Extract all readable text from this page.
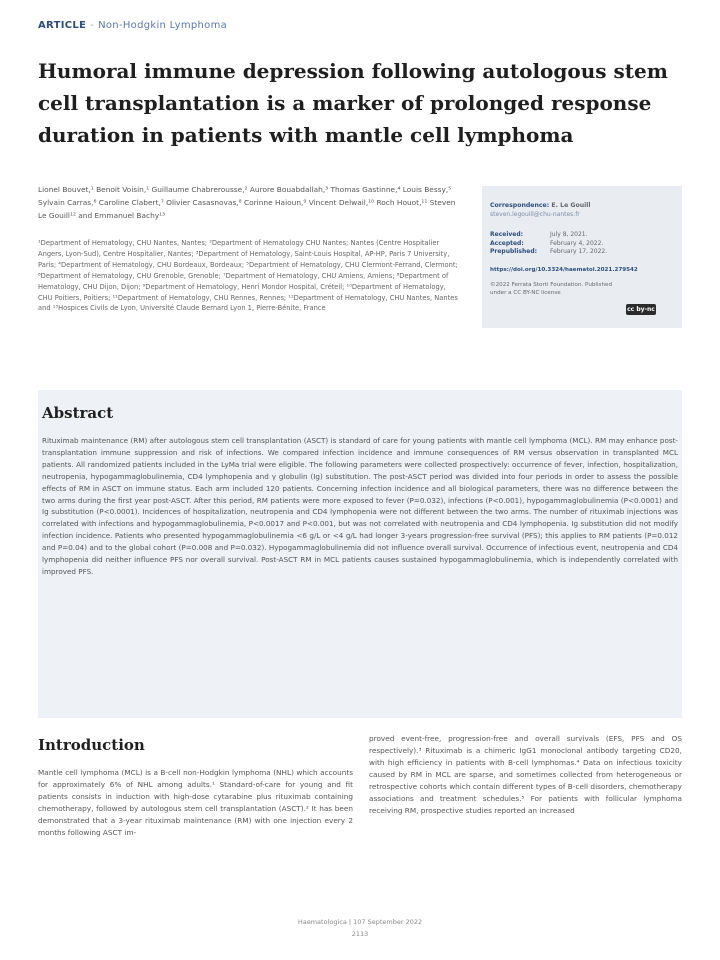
ARTICLE - Non-Hodgkin Lymphoma
Humoral immune depression following autologous stem cell transplantation is a marker of prolonged response duration in patients with mantle cell lymphoma
Lionel Bouvet,¹ Benoit Voisin,¹ Guillaume Chabrerousse,² Aurore Bouabdallah,³ Thomas Gastinne,⁴ Louis Bessy,⁵ Sylvain Carras,⁶ Caroline Clabert,⁷ Olivier Casasnovas,⁸ Corinne Haioun,⁹ Vincent Delwail,¹⁰ Roch Houot,¹¹ Steven Le Gouill¹² and Emmanuel Bachy¹³
¹Department of Hematology, CHU Nantes, Nantes; ²Department of Hematology CHU Nantes; Nantes (Centre Hospitalier Angers, Lyon-Sud), Centre Hospitalier, Nantes; ³Department of Hematology, Saint-Louis Hospital, AP-HP, Paris 7 University, Paris; ⁴Department of Hematology, CHU Bordeaux, Bordeaux; ⁵Department of Hematology, CHU Clermont-Ferrand, Clermont; ⁶Department of Hematology, CHU Grenoble, Grenoble; ⁷Department of Hematology, CHU Amiens, Amiens; ⁸Department of Hematology, CHU Dijon, Dijon; ⁹Department of Hematology, Henri Mondor Hospital, Créteil; ¹⁰Department of Hematology, CHU Poitiers, Poitiers; ¹¹Department of Hematology, CHU Rennes, Rennes; ¹²Department of Hematology, CHU Nantes, Nantes and ¹³Hospices Civils de Lyon, Université Claude Bernard Lyon 1, Pierre-Bénite, France
Correspondence: E. Le Gouill
steven.legouill@chu-nantes.fr
Received:	July 8, 2021.
Accepted:	February 4, 2022.
Prepublished:	February 17, 2022.
https://doi.org/10.3324/haematol.2021.279542
©2022 Ferrata Storti Foundation. Published under a CC BY-NC license
cc by-nc
Abstract

Rituximab maintenance (RM) after autologous stem cell transplantation (ASCT) is standard of care for young patients with mantle cell lymphoma (MCL). RM may enhance post-transplantation immune suppression and risk of infections. We compared infection incidence and immune consequences of RM versus observation in transplanted MCL patients. All randomized patients included in the LyMa trial were eligible. The following parameters were collected prospectively: occurrence of fever, infection, hospitalization, neutropenia, hypogammaglobulinemia, CD4 lymphopenia and γ globulin (Ig) substitution. The post-ASCT period was divided into four periods in order to assess the possible effects of RM in ASCT on immune status. Each arm included 120 patients. Concerning infection incidence and all biological parameters, there was no difference between the two arms during the first year post-ASCT. After this period, RM patients were more exposed to fever (P=0.032), infections (P<0.001), hypogammaglobulinemia (P<0.0001) and Ig substitution (P<0.0001). Incidences of hospitalization, neutropenia and CD4 lymphopenia were not different between the two arms. The number of rituximab injections was correlated with infections and hypogammaglobulinemia, P<0.0017 and P<0.001, but was not correlated with neutropenia and CD4 lymphopenia. Ig substitution did not modify infection incidence. Patients who presented hypogammaglobulinemia <6 g/L or <4 g/L had longer 3-years progression-free survival (PFS); this applies to RM patients (P=0.012 and P=0.04) and to the global cohort (P=0.008 and P=0.032). Hypogammaglobulinemia did not influence overall survival. Occurrence of infectious event, neutropenia and CD4 lymphopenia did neither influence PFS nor overall survival. Post-ASCT RM in MCL patients causes sustained hypogammaglobulinemia, which is independently correlated with improved PFS.

Introduction

Mantle cell lymphoma (MCL) is a B-cell non-Hodgkin lymphoma (NHL) which accounts for approximately 6% of NHL among adults.¹ Standard-of-care for young and fit patients consists in induction with high-dose cytarabine plus rituximab containing chemotherapy, followed by autologous stem cell transplantation (ASCT).² It has been demonstrated that a 3-year rituximab maintenance (RM) with one injection every 2 months following ASCT im-

proved event-free, progression-free and overall survivals (EFS, PFS and OS respectively).³ Rituximab is a chimeric IgG1 monoclonal antibody targeting CD20, with high efficiency in patients with B-cell lymphomas.⁴ Data on infectious toxicity caused by RM in MCL are sparse, and sometimes collected from heterogeneous or retrospective cohorts which contain different types of B-cell disorders, chemotherapy associations and treatment schedules.⁵ For patients with follicular lymphoma receiving RM, prospective studies reported an increased

Haematologica | 107 September 2022
2113
